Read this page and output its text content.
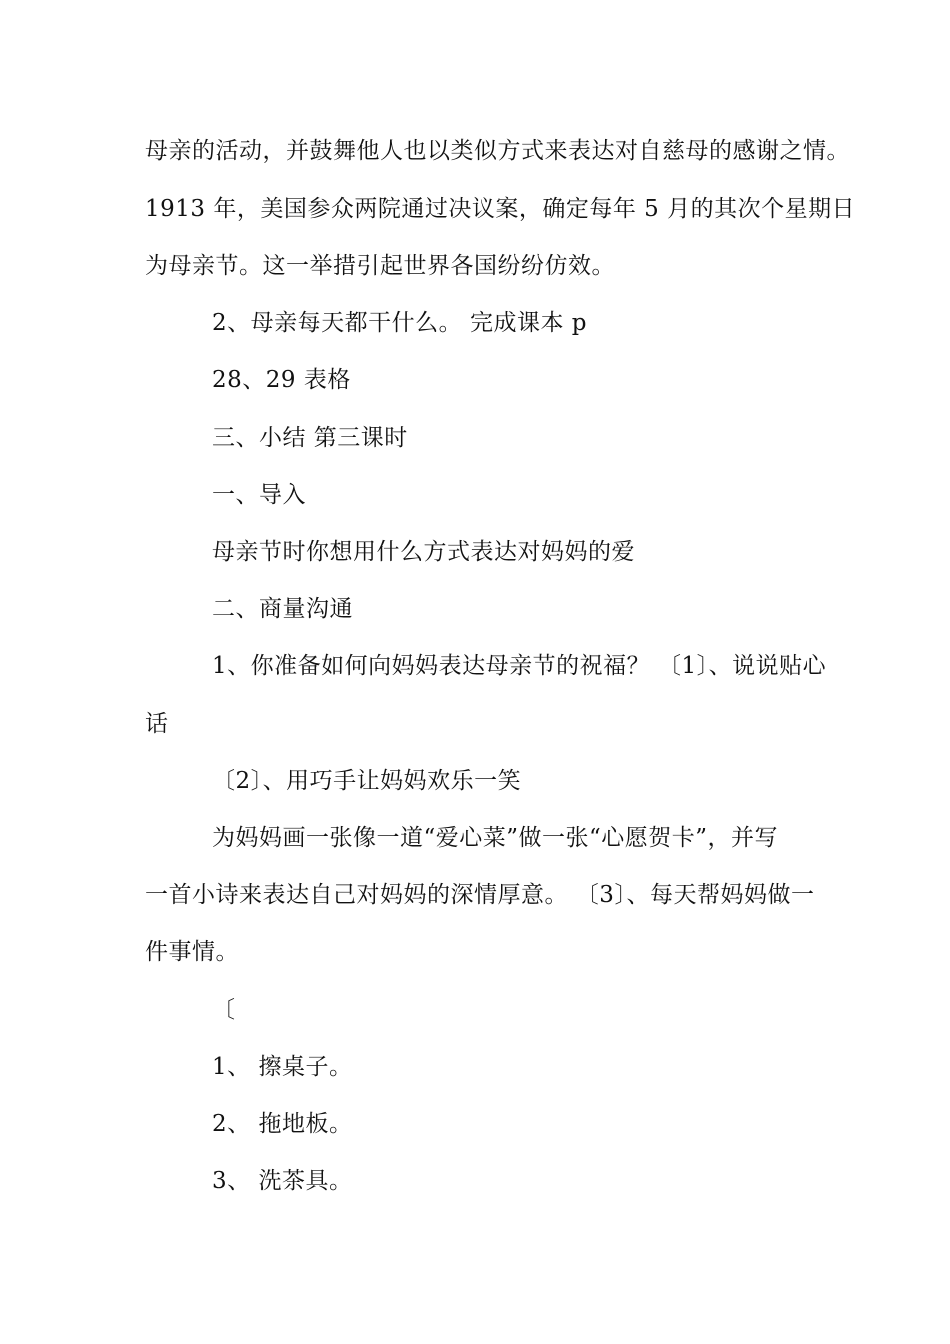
母亲的活动，并鼓舞他人也以类似方式来表达对自慈母的感谢之情。
1913 年，美国参众两院通过决议案，确定每年 5 月的其次个星期日
为母亲节。这一举措引起世界各国纷纷仿效。
2、母亲每天都干什么。 完成课本 p
28、29 表格
三、小结 第三课时
一、导入
母亲节时你想用什么方式表达对妈妈的爱
二、商量沟通
1、你准备如何向妈妈表达母亲节的祝福？ 〔1〕、说说贴心
话
〔2〕、用巧手让妈妈欢乐一笑
为妈妈画一张像一道“爱心菜”做一张“心愿贺卡”，并写
一首小诗来表达自己对妈妈的深情厚意。 〔3〕、每天帮妈妈做一
件事情。
〔
1、 擦桌子。
2、 拖地板。
3、 洗茶具。
